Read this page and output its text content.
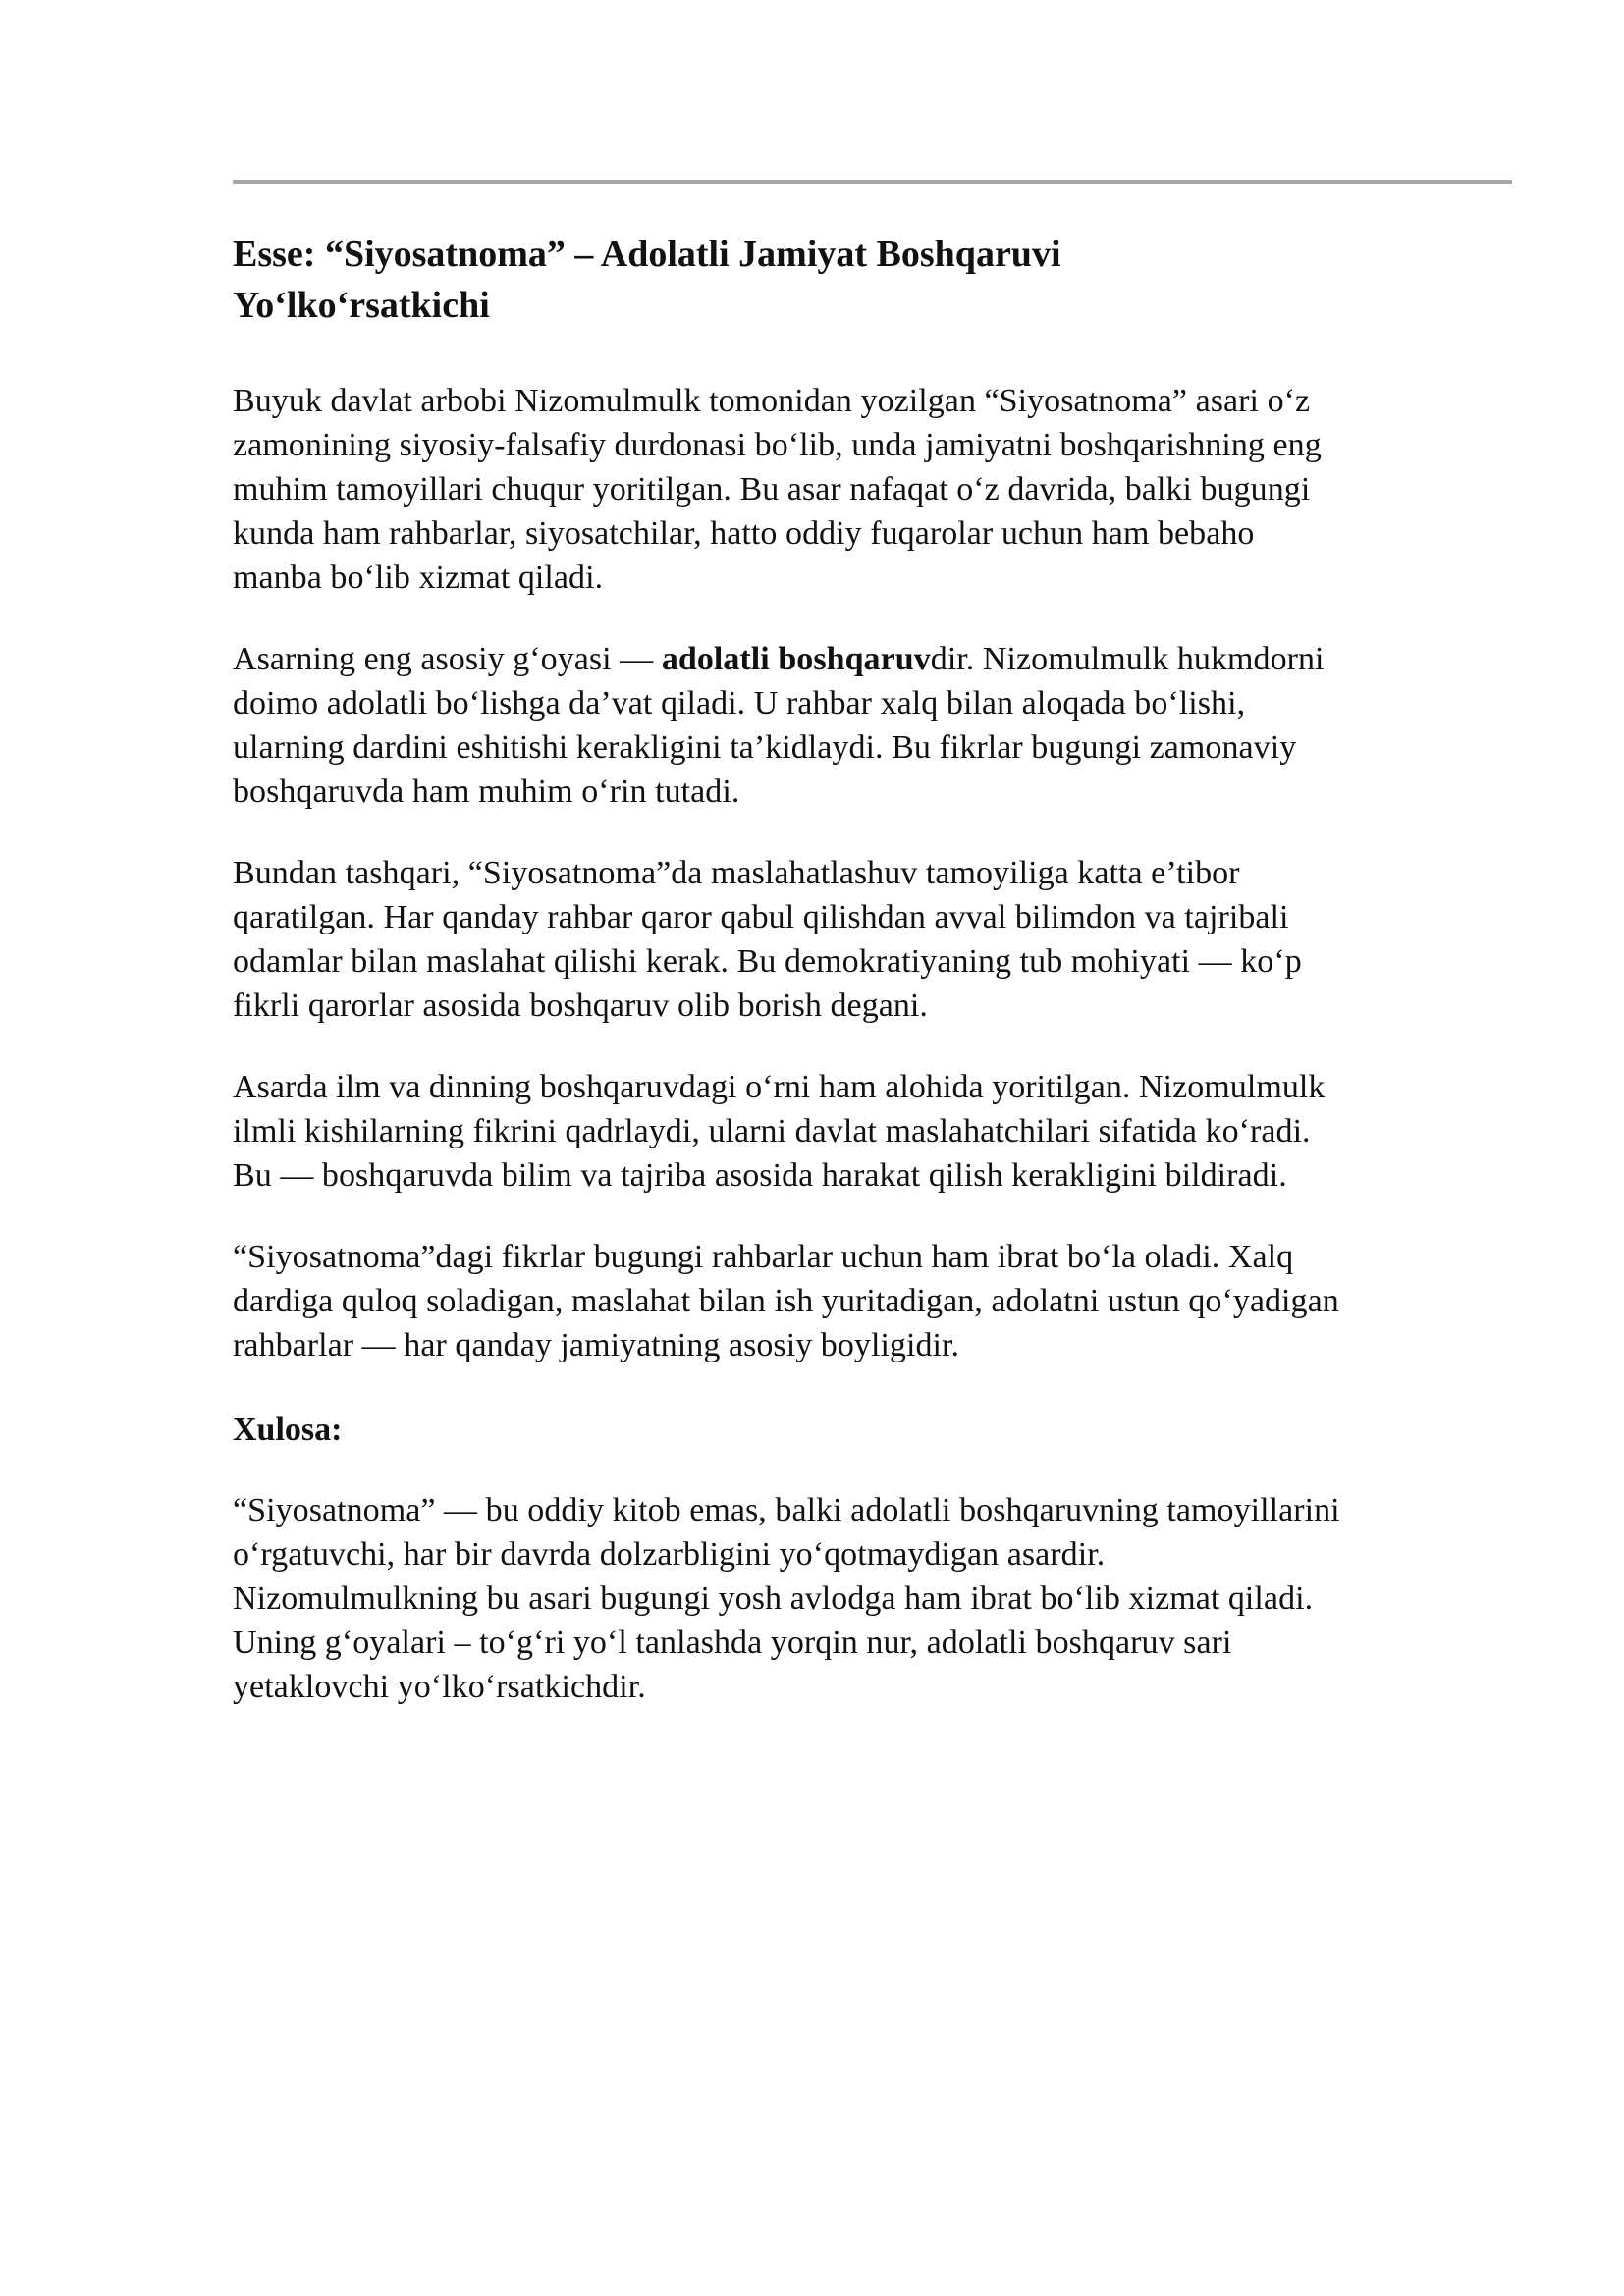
Esse: “Siyosatnoma” – Adolatli Jamiyat Boshqaruvi
Yo‘lko‘rsatkichi

Buyuk davlat arbobi Nizomulmulk tomonidan yozilgan “Siyosatnoma” asari o‘z
zamonining siyosiy-falsafiy durdonasi bo‘lib, unda jamiyatni boshqarishning eng
muhim tamoyillari chuqur yoritilgan. Bu asar nafaqat o‘z davrida, balki bugungi
kunda ham rahbarlar, siyosatchilar, hatto oddiy fuqarolar uchun ham bebaho
manba bo‘lib xizmat qiladi.

Asarning eng asosiy g‘oyasi — adolatli boshqaruvdir. Nizomulmulk hukmdorni
doimo adolatli bo‘lishga da’vat qiladi. U rahbar xalq bilan aloqada bo‘lishi,
ularning dardini eshitishi kerakligini ta’kidlaydi. Bu fikrlar bugungi zamonaviy
boshqaruvda ham muhim o‘rin tutadi.

Bundan tashqari, “Siyosatnoma”da maslahatlashuv tamoyiliga katta e’tibor
qaratilgan. Har qanday rahbar qaror qabul qilishdan avval bilimdon va tajribali
odamlar bilan maslahat qilishi kerak. Bu demokratiyaning tub mohiyati — ko‘p
fikrli qarorlar asosida boshqaruv olib borish degani.

Asarda ilm va dinning boshqaruvdagi o‘rni ham alohida yoritilgan. Nizomulmulk
ilmli kishilarning fikrini qadrlaydi, ularni davlat maslahatchilari sifatida ko‘radi.
Bu — boshqaruvda bilim va tajriba asosida harakat qilish kerakligini bildiradi.

“Siyosatnoma”dagi fikrlar bugungi rahbarlar uchun ham ibrat bo‘la oladi. Xalq
dardiga quloq soladigan, maslahat bilan ish yuritadigan, adolatni ustun qo‘yadigan
rahbarlar — har qanday jamiyatning asosiy boyligidir.

Xulosa:

“Siyosatnoma” — bu oddiy kitob emas, balki adolatli boshqaruvning tamoyillarini
o‘rgatuvchi, har bir davrda dolzarbligini yo‘qotmaydigan asardir.
Nizomulmulkning bu asari bugungi yosh avlodga ham ibrat bo‘lib xizmat qiladi.
Uning g‘oyalari – to‘g‘ri yo‘l tanlashda yorqin nur, adolatli boshqaruv sari
yetaklovchi yo‘lko‘rsatkichdir.
